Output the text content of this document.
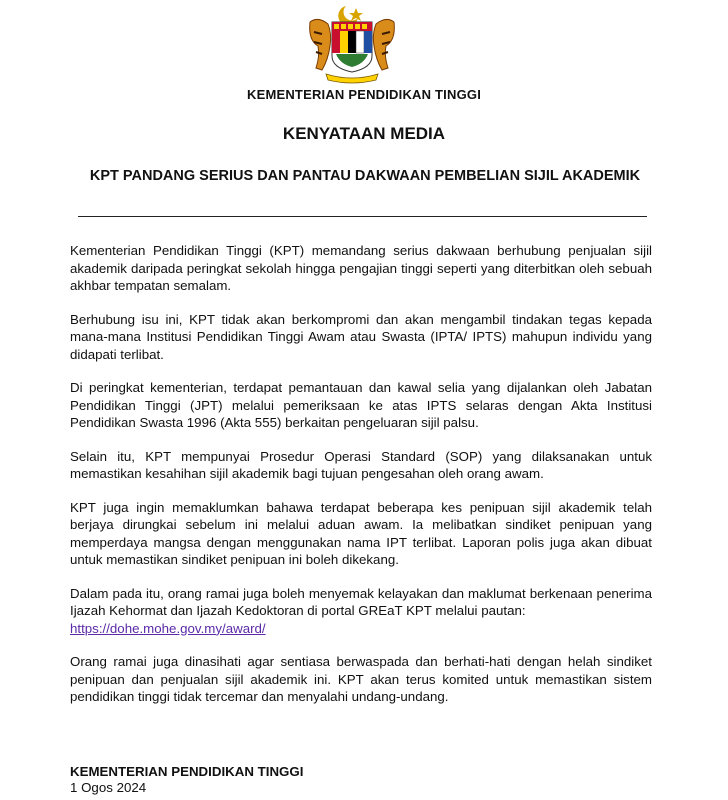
KEMENTERIAN PENDIDIKAN TINGGI
KENYATAAN MEDIA
KPT PANDANG SERIUS DAN PANTAU DAKWAAN PEMBELIAN SIJIL AKADEMIK

Kementerian Pendidikan Tinggi (KPT) memandang serius dakwaan berhubung penjualan sijil akademik daripada peringkat sekolah hingga pengajian tinggi seperti yang diterbitkan oleh sebuah akhbar tempatan semalam.

Berhubung isu ini, KPT tidak akan berkompromi dan akan mengambil tindakan tegas kepada mana-mana Institusi Pendidikan Tinggi Awam atau Swasta (IPTA/ IPTS) mahupun individu yang didapati terlibat.

Di peringkat kementerian, terdapat pemantauan dan kawal selia yang dijalankan oleh Jabatan Pendidikan Tinggi (JPT) melalui pemeriksaan ke atas IPTS selaras dengan Akta Institusi Pendidikan Swasta 1996 (Akta 555) berkaitan pengeluaran sijil palsu.

Selain itu, KPT mempunyai Prosedur Operasi Standard (SOP) yang dilaksanakan untuk memastikan kesahihan sijil akademik bagi tujuan pengesahan oleh orang awam.

KPT juga ingin memaklumkan bahawa terdapat beberapa kes penipuan sijil akademik telah berjaya dirungkai sebelum ini melalui aduan awam. Ia melibatkan sindiket penipuan yang memperdaya mangsa dengan menggunakan nama IPT terlibat. Laporan polis juga akan dibuat untuk memastikan sindiket penipuan ini boleh dikekang.

Dalam pada itu, orang ramai juga boleh menyemak kelayakan dan maklumat berkenaan penerima Ijazah Kehormat dan Ijazah Kedoktoran di portal GREaT KPT melalui pautan:
https://dohe.mohe.gov.my/award/

Orang ramai juga dinasihati agar sentiasa berwaspada dan berhati-hati dengan helah sindiket penipuan dan penjualan sijil akademik ini. KPT akan terus komited untuk memastikan sistem pendidikan tinggi tidak tercemar dan menyalahi undang-undang.

KEMENTERIAN PENDIDIKAN TINGGI
1 Ogos 2024
